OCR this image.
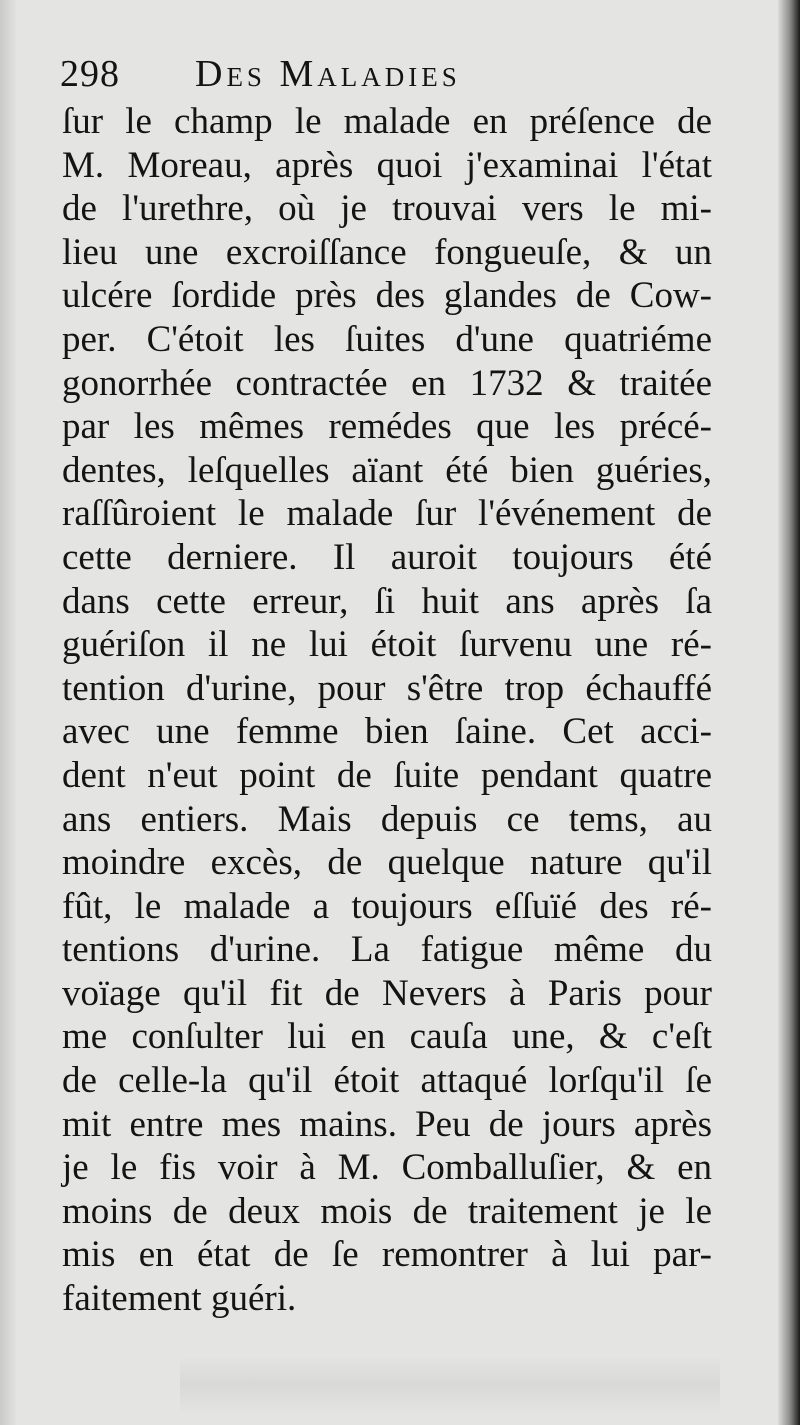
298 Des Maladies
ſur le champ le malade en préſence de
M. Moreau, après quoi j'examinai l'état
de l'urethre, où je trouvai vers le mi-
lieu une excroiſſance fongueuſe, & un
ulcére ſordide près des glandes de Cow-
per. C'étoit les ſuites d'une quatriéme
gonorrhée contractée en 1732 & traitée
par les mêmes remédes que les précé-
dentes, leſquelles aïant été bien guéries,
raſſûroient le malade ſur l'événement de
cette derniere. Il auroit toujours été
dans cette erreur, ſi huit ans après ſa
guériſon il ne lui étoit ſurvenu une ré-
tention d'urine, pour s'être trop échauffé
avec une femme bien ſaine. Cet acci-
dent n'eut point de ſuite pendant quatre
ans entiers. Mais depuis ce tems, au
moindre excès, de quelque nature qu'il
fût, le malade a toujours eſſuïé des ré-
tentions d'urine. La fatigue même du
voïage qu'il fit de Nevers à Paris pour
me conſulter lui en cauſa une, & c'eſt
de celle-la qu'il étoit attaqué lorſqu'il ſe
mit entre mes mains. Peu de jours après
je le fis voir à M. Comballuſier, & en
moins de deux mois de traitement je le
mis en état de ſe remontrer à lui par-
faitement guéri.
